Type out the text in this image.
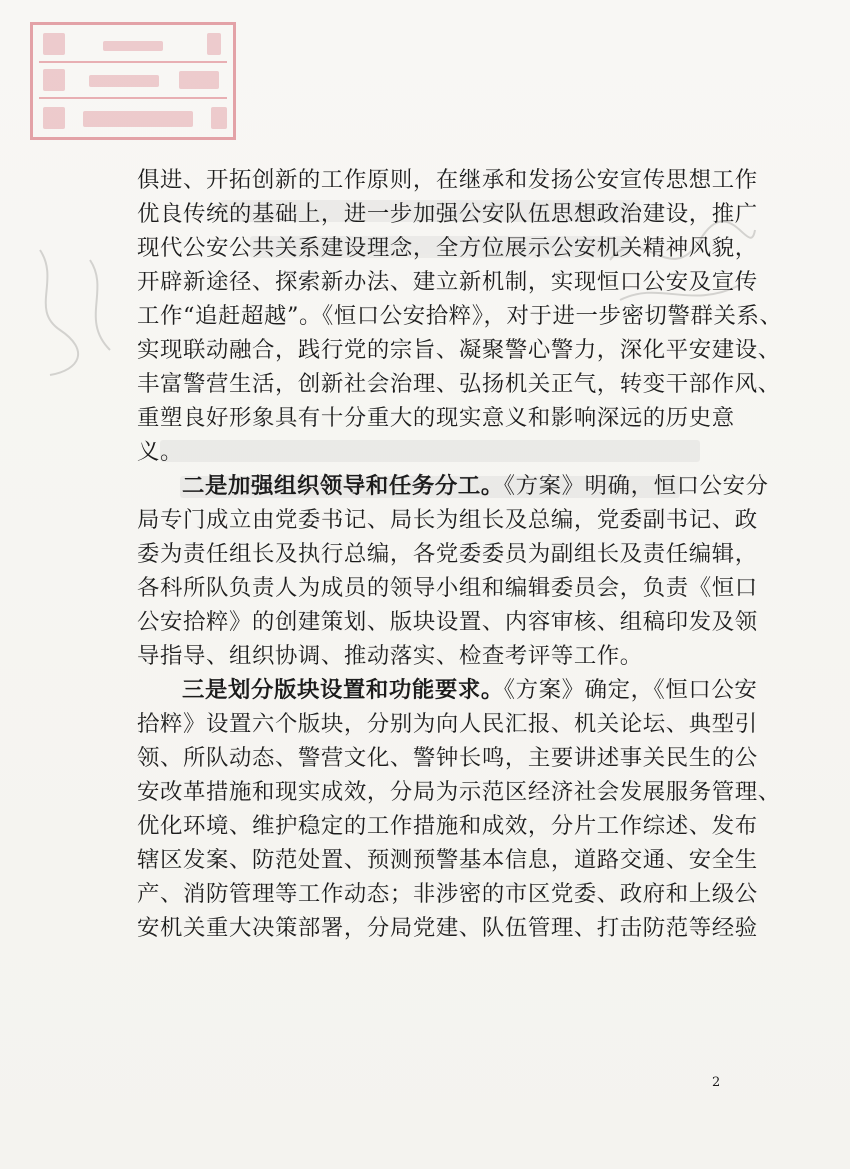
俱进、开拓创新的工作原则，在继承和发扬公安宣传思想工作
优良传统的基础上，进一步加强公安队伍思想政治建设，推广
现代公安公共关系建设理念，全方位展示公安机关精神风貌，
开辟新途径、探索新办法、建立新机制，实现恒口公安及宣传
工作“追赶超越”。《恒口公安拾粹》，对于进一步密切警群关系、
实现联动融合，践行党的宗旨、凝聚警心警力，深化平安建设、
丰富警营生活，创新社会治理、弘扬机关正气，转变干部作风、
重塑良好形象具有十分重大的现实意义和影响深远的历史意
义。
二是加强组织领导和任务分工。《方案》明确，恒口公安分
局专门成立由党委书记、局长为组长及总编，党委副书记、政
委为责任组长及执行总编，各党委委员为副组长及责任编辑，
各科所队负责人为成员的领导小组和编辑委员会，负责《恒口
公安拾粹》的创建策划、版块设置、内容审核、组稿印发及领
导指导、组织协调、推动落实、检查考评等工作。
三是划分版块设置和功能要求。《方案》确定，《恒口公安
拾粹》设置六个版块，分别为向人民汇报、机关论坛、典型引
领、所队动态、警营文化、警钟长鸣，主要讲述事关民生的公
安改革措施和现实成效，分局为示范区经济社会发展服务管理、
优化环境、维护稳定的工作措施和成效，分片工作综述、发布
辖区发案、防范处置、预测预警基本信息，道路交通、安全生
产、消防管理等工作动态；非涉密的市区党委、政府和上级公
安机关重大决策部署，分局党建、队伍管理、打击防范等经验
2
